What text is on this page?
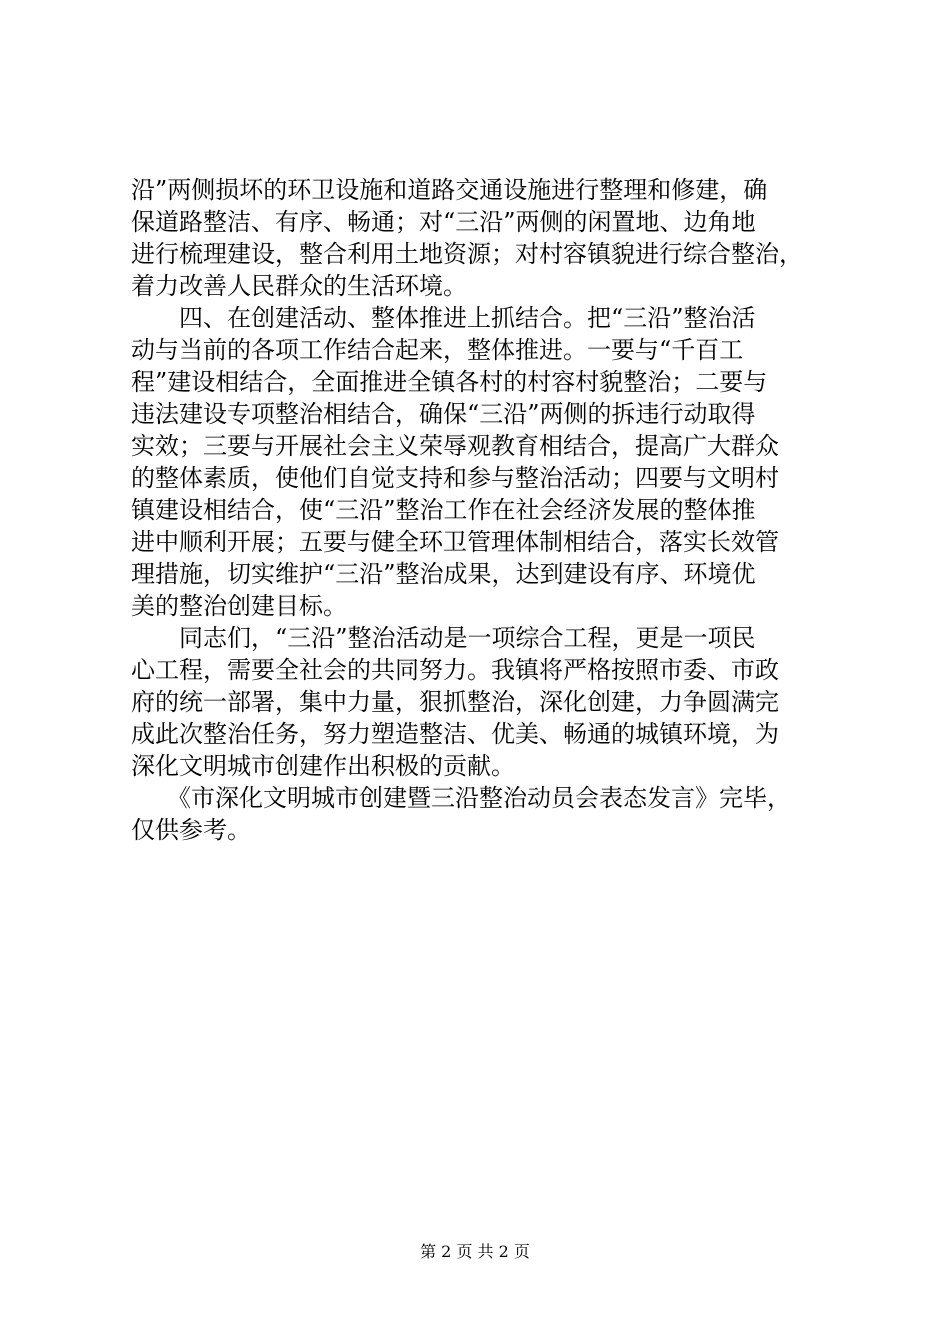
沿”两侧损坏的环卫设施和道路交通设施进行整理和修建，确
保道路整洁、有序、畅通；对“三沿”两侧的闲置地、边角地
进行梳理建设，整合利用土地资源；对村容镇貌进行综合整治，
着力改善人民群众的生活环境。
　　四、在创建活动、整体推进上抓结合。把“三沿”整治活
动与当前的各项工作结合起来，整体推进。一要与“千百工
程”建设相结合，全面推进全镇各村的村容村貌整治；二要与
违法建设专项整治相结合，确保“三沿”两侧的拆违行动取得
实效；三要与开展社会主义荣辱观教育相结合，提高广大群众
的整体素质，使他们自觉支持和参与整治活动；四要与文明村
镇建设相结合，使“三沿”整治工作在社会经济发展的整体推
进中顺利开展；五要与健全环卫管理体制相结合，落实长效管
理措施，切实维护“三沿”整治成果，达到建设有序、环境优
美的整治创建目标。
　　同志们，“三沿”整治活动是一项综合工程，更是一项民
心工程，需要全社会的共同努力。我镇将严格按照市委、市政
府的统一部署，集中力量，狠抓整治，深化创建，力争圆满完
成此次整治任务，努力塑造整洁、优美、畅通的城镇环境，为
深化文明城市创建作出积极的贡献。
　　《市深化文明城市创建暨三沿整治动员会表态发言》完毕，
仅供参考。
第 2 页 共 2 页
